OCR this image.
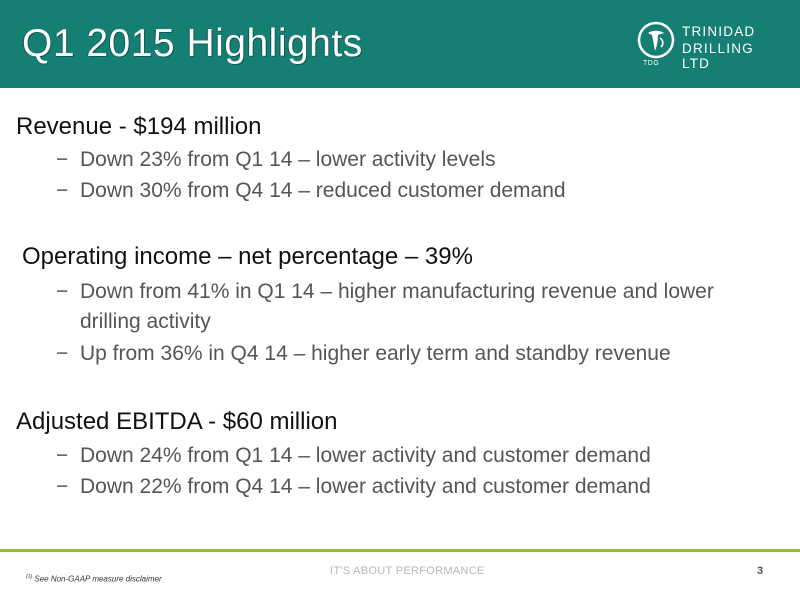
Q1 2015 Highlights	TDG
TRINIDAD
DRILLING LTD
Revenue - $194 million
− Down 23% from Q1 14 – lower activity levels
− Down 30% from Q4 14 – reduced customer demand
Operating income – net percentage – 39%
− Down from 41% in Q1 14 – higher manufacturing revenue and lower drilling activity
− Up from 36% in Q4 14 – higher early term and standby revenue
Adjusted EBITDA - $60 million
− Down 24% from Q1 14 – lower activity and customer demand
− Down 22% from Q4 14 – lower activity and customer demand
IT'S ABOUT PERFORMANCE	3
$^{(1)}$ See Non-GAAP measure disclaimer
